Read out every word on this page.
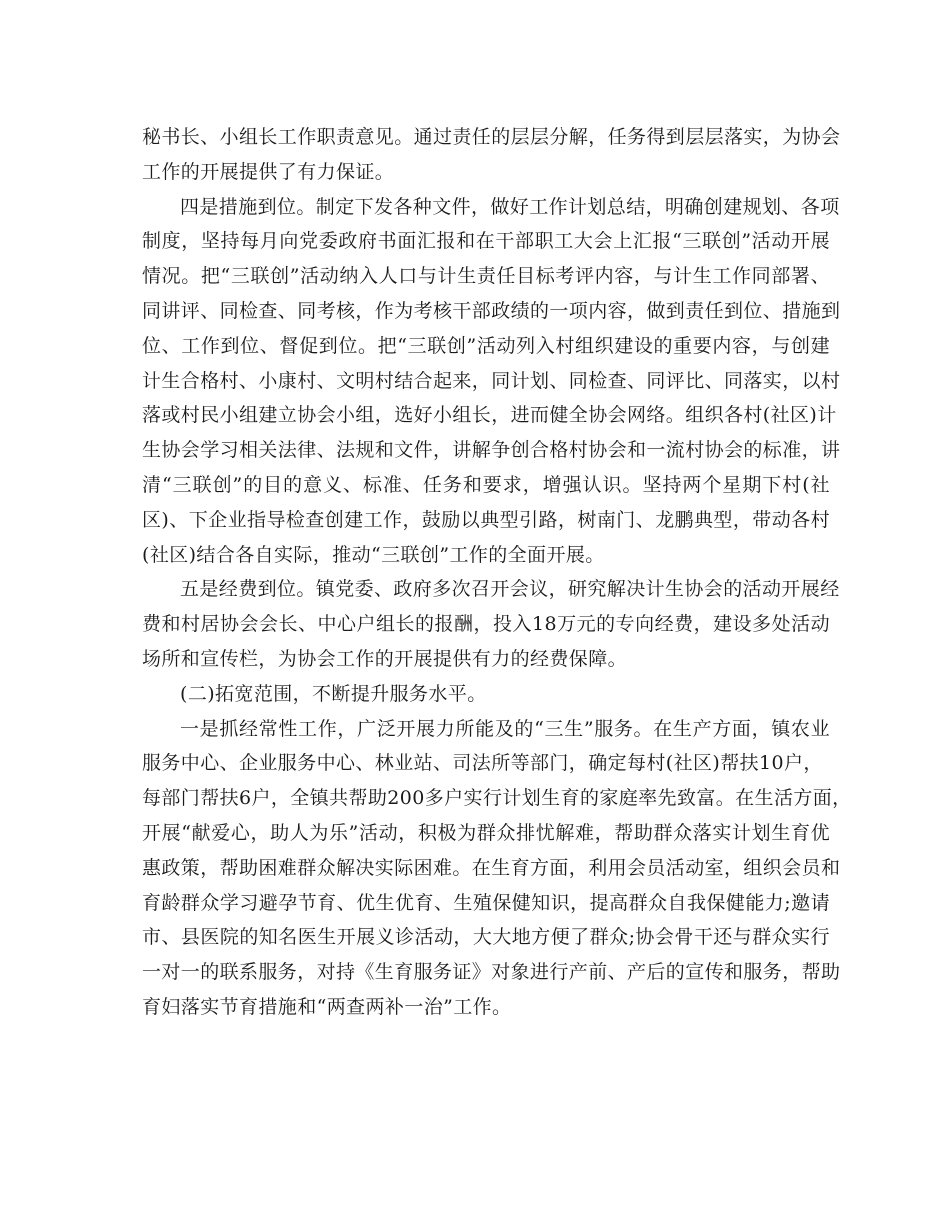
秘书长、小组长工作职责意见。通过责任的层层分解，任务得到层层落实，为协会
工作的开展提供了有力保证。
四是措施到位。制定下发各种文件，做好工作计划总结，明确创建规划、各项
制度，坚持每月向党委政府书面汇报和在干部职工大会上汇报“三联创”活动开展
情况。把“三联创”活动纳入人口与计生责任目标考评内容，与计生工作同部署、
同讲评、同检查、同考核，作为考核干部政绩的一项内容，做到责任到位、措施到
位、工作到位、督促到位。把“三联创”活动列入村组织建设的重要内容，与创建
计生合格村、小康村、文明村结合起来，同计划、同检查、同评比、同落实，以村
落或村民小组建立协会小组，选好小组长，进而健全协会网络。组织各村(社区)计
生协会学习相关法律、法规和文件，讲解争创合格村协会和一流村协会的标准，讲
清“三联创”的目的意义、标准、任务和要求，增强认识。坚持两个星期下村(社
区)、下企业指导检查创建工作，鼓励以典型引路，树南门、龙鹏典型，带动各村
(社区)结合各自实际，推动“三联创”工作的全面开展。
五是经费到位。镇党委、政府多次召开会议，研究解决计生协会的活动开展经
费和村居协会会长、中心户组长的报酬，投入18万元的专向经费，建设多处活动
场所和宣传栏，为协会工作的开展提供有力的经费保障。
(二)拓宽范围，不断提升服务水平。
一是抓经常性工作，广泛开展力所能及的“三生”服务。在生产方面，镇农业
服务中心、企业服务中心、林业站、司法所等部门，确定每村(社区)帮扶10户，
每部门帮扶6户，全镇共帮助200多户实行计划生育的家庭率先致富。在生活方面，
开展“献爱心，助人为乐”活动，积极为群众排忧解难，帮助群众落实计划生育优
惠政策，帮助困难群众解决实际困难。在生育方面，利用会员活动室，组织会员和
育龄群众学习避孕节育、优生优育、生殖保健知识，提高群众自我保健能力;邀请
市、县医院的知名医生开展义诊活动，大大地方便了群众;协会骨干还与群众实行
一对一的联系服务，对持《生育服务证》对象进行产前、产后的宣传和服务，帮助
育妇落实节育措施和“两查两补一治”工作。
